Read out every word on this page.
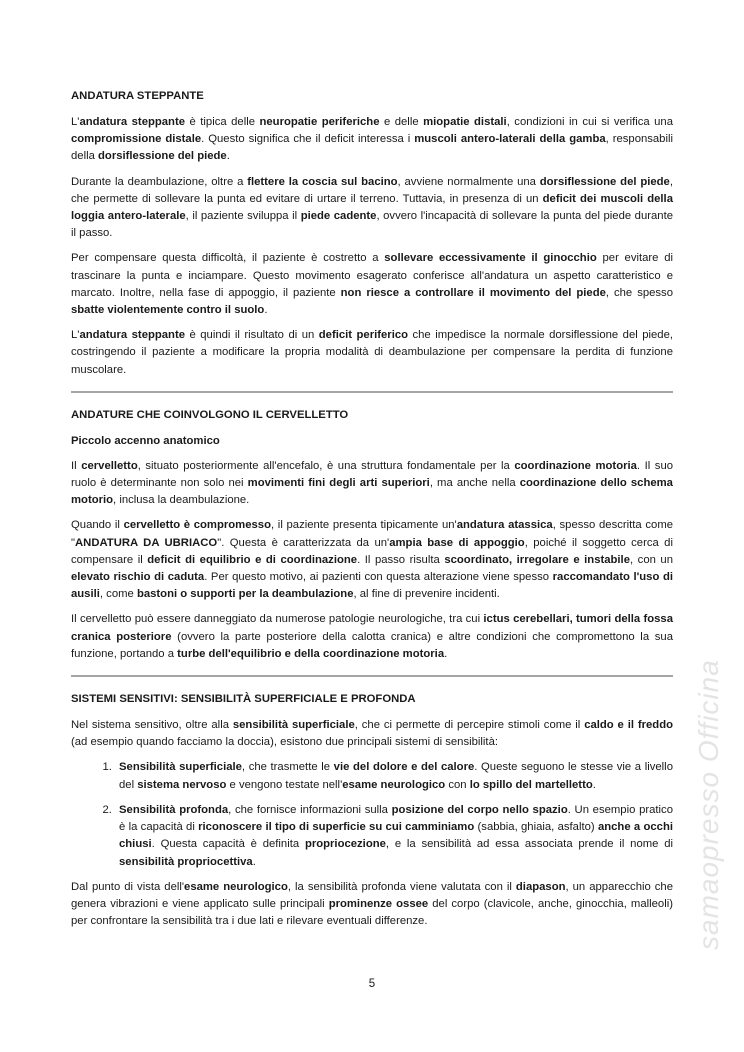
samaopresso Officina
ANDATURA STEPPANTE

L'andatura steppante è tipica delle neuropatie periferiche e delle miopatie distali, condizioni in cui si verifica una compromissione distale. Questo significa che il deficit interessa i muscoli antero-laterali della gamba, responsabili della dorsiflessione del piede.

Durante la deambulazione, oltre a flettere la coscia sul bacino, avviene normalmente una dorsiflessione del piede, che permette di sollevare la punta ed evitare di urtare il terreno. Tuttavia, in presenza di un deficit dei muscoli della loggia antero-laterale, il paziente sviluppa il piede cadente, ovvero l'incapacità di sollevare la punta del piede durante il passo.

Per compensare questa difficoltà, il paziente è costretto a sollevare eccessivamente il ginocchio per evitare di trascinare la punta e inciampare. Questo movimento esagerato conferisce all'andatura un aspetto caratteristico e marcato. Inoltre, nella fase di appoggio, il paziente non riesce a controllare il movimento del piede, che spesso sbatte violentemente contro il suolo.

L'andatura steppante è quindi il risultato di un deficit periferico che impedisce la normale dorsiflessione del piede, costringendo il paziente a modificare la propria modalità di deambulazione per compensare la perdita di funzione muscolare.

ANDATURE CHE COINVOLGONO IL CERVELLETTO
Piccolo accenno anatomico

Il cervelletto, situato posteriormente all'encefalo, è una struttura fondamentale per la coordinazione motoria. Il suo ruolo è determinante non solo nei movimenti fini degli arti superiori, ma anche nella coordinazione dello schema motorio, inclusa la deambulazione.

Quando il cervelletto è compromesso, il paziente presenta tipicamente un'andatura atassica, spesso descritta come "ANDATURA DA UBRIACO". Questa è caratterizzata da un'ampia base di appoggio, poiché il soggetto cerca di compensare il deficit di equilibrio e di coordinazione. Il passo risulta scoordinato, irregolare e instabile, con un elevato rischio di caduta. Per questo motivo, ai pazienti con questa alterazione viene spesso raccomandato l'uso di ausili, come bastoni o supporti per la deambulazione, al fine di prevenire incidenti.

Il cervelletto può essere danneggiato da numerose patologie neurologiche, tra cui ictus cerebellari, tumori della fossa cranica posteriore (ovvero la parte posteriore della calotta cranica) e altre condizioni che compromettono la sua funzione, portando a turbe dell'equilibrio e della coordinazione motoria.

SISTEMI SENSITIVI: SENSIBILITÀ SUPERFICIALE E PROFONDA

Nel sistema sensitivo, oltre alla sensibilità superficiale, che ci permette di percepire stimoli come il caldo e il freddo (ad esempio quando facciamo la doccia), esistono due principali sistemi di sensibilità:

1. Sensibilità superficiale, che trasmette le vie del dolore e del calore. Queste seguono le stesse vie a livello del sistema nervoso e vengono testate nell'esame neurologico con lo spillo del martelletto.
2. Sensibilità profonda, che fornisce informazioni sulla posizione del corpo nello spazio. Un esempio pratico è la capacità di riconoscere il tipo di superficie su cui camminiamo (sabbia, ghiaia, asfalto) anche a occhi chiusi. Questa capacità è definita propriocezione, e la sensibilità ad essa associata prende il nome di sensibilità propriocettiva.

Dal punto di vista dell'esame neurologico, la sensibilità profonda viene valutata con il diapason, un apparecchio che genera vibrazioni e viene applicato sulle principali prominenze ossee del corpo (clavicole, anche, ginocchia, malleoli) per confrontare la sensibilità tra i due lati e rilevare eventuali differenze.

5
